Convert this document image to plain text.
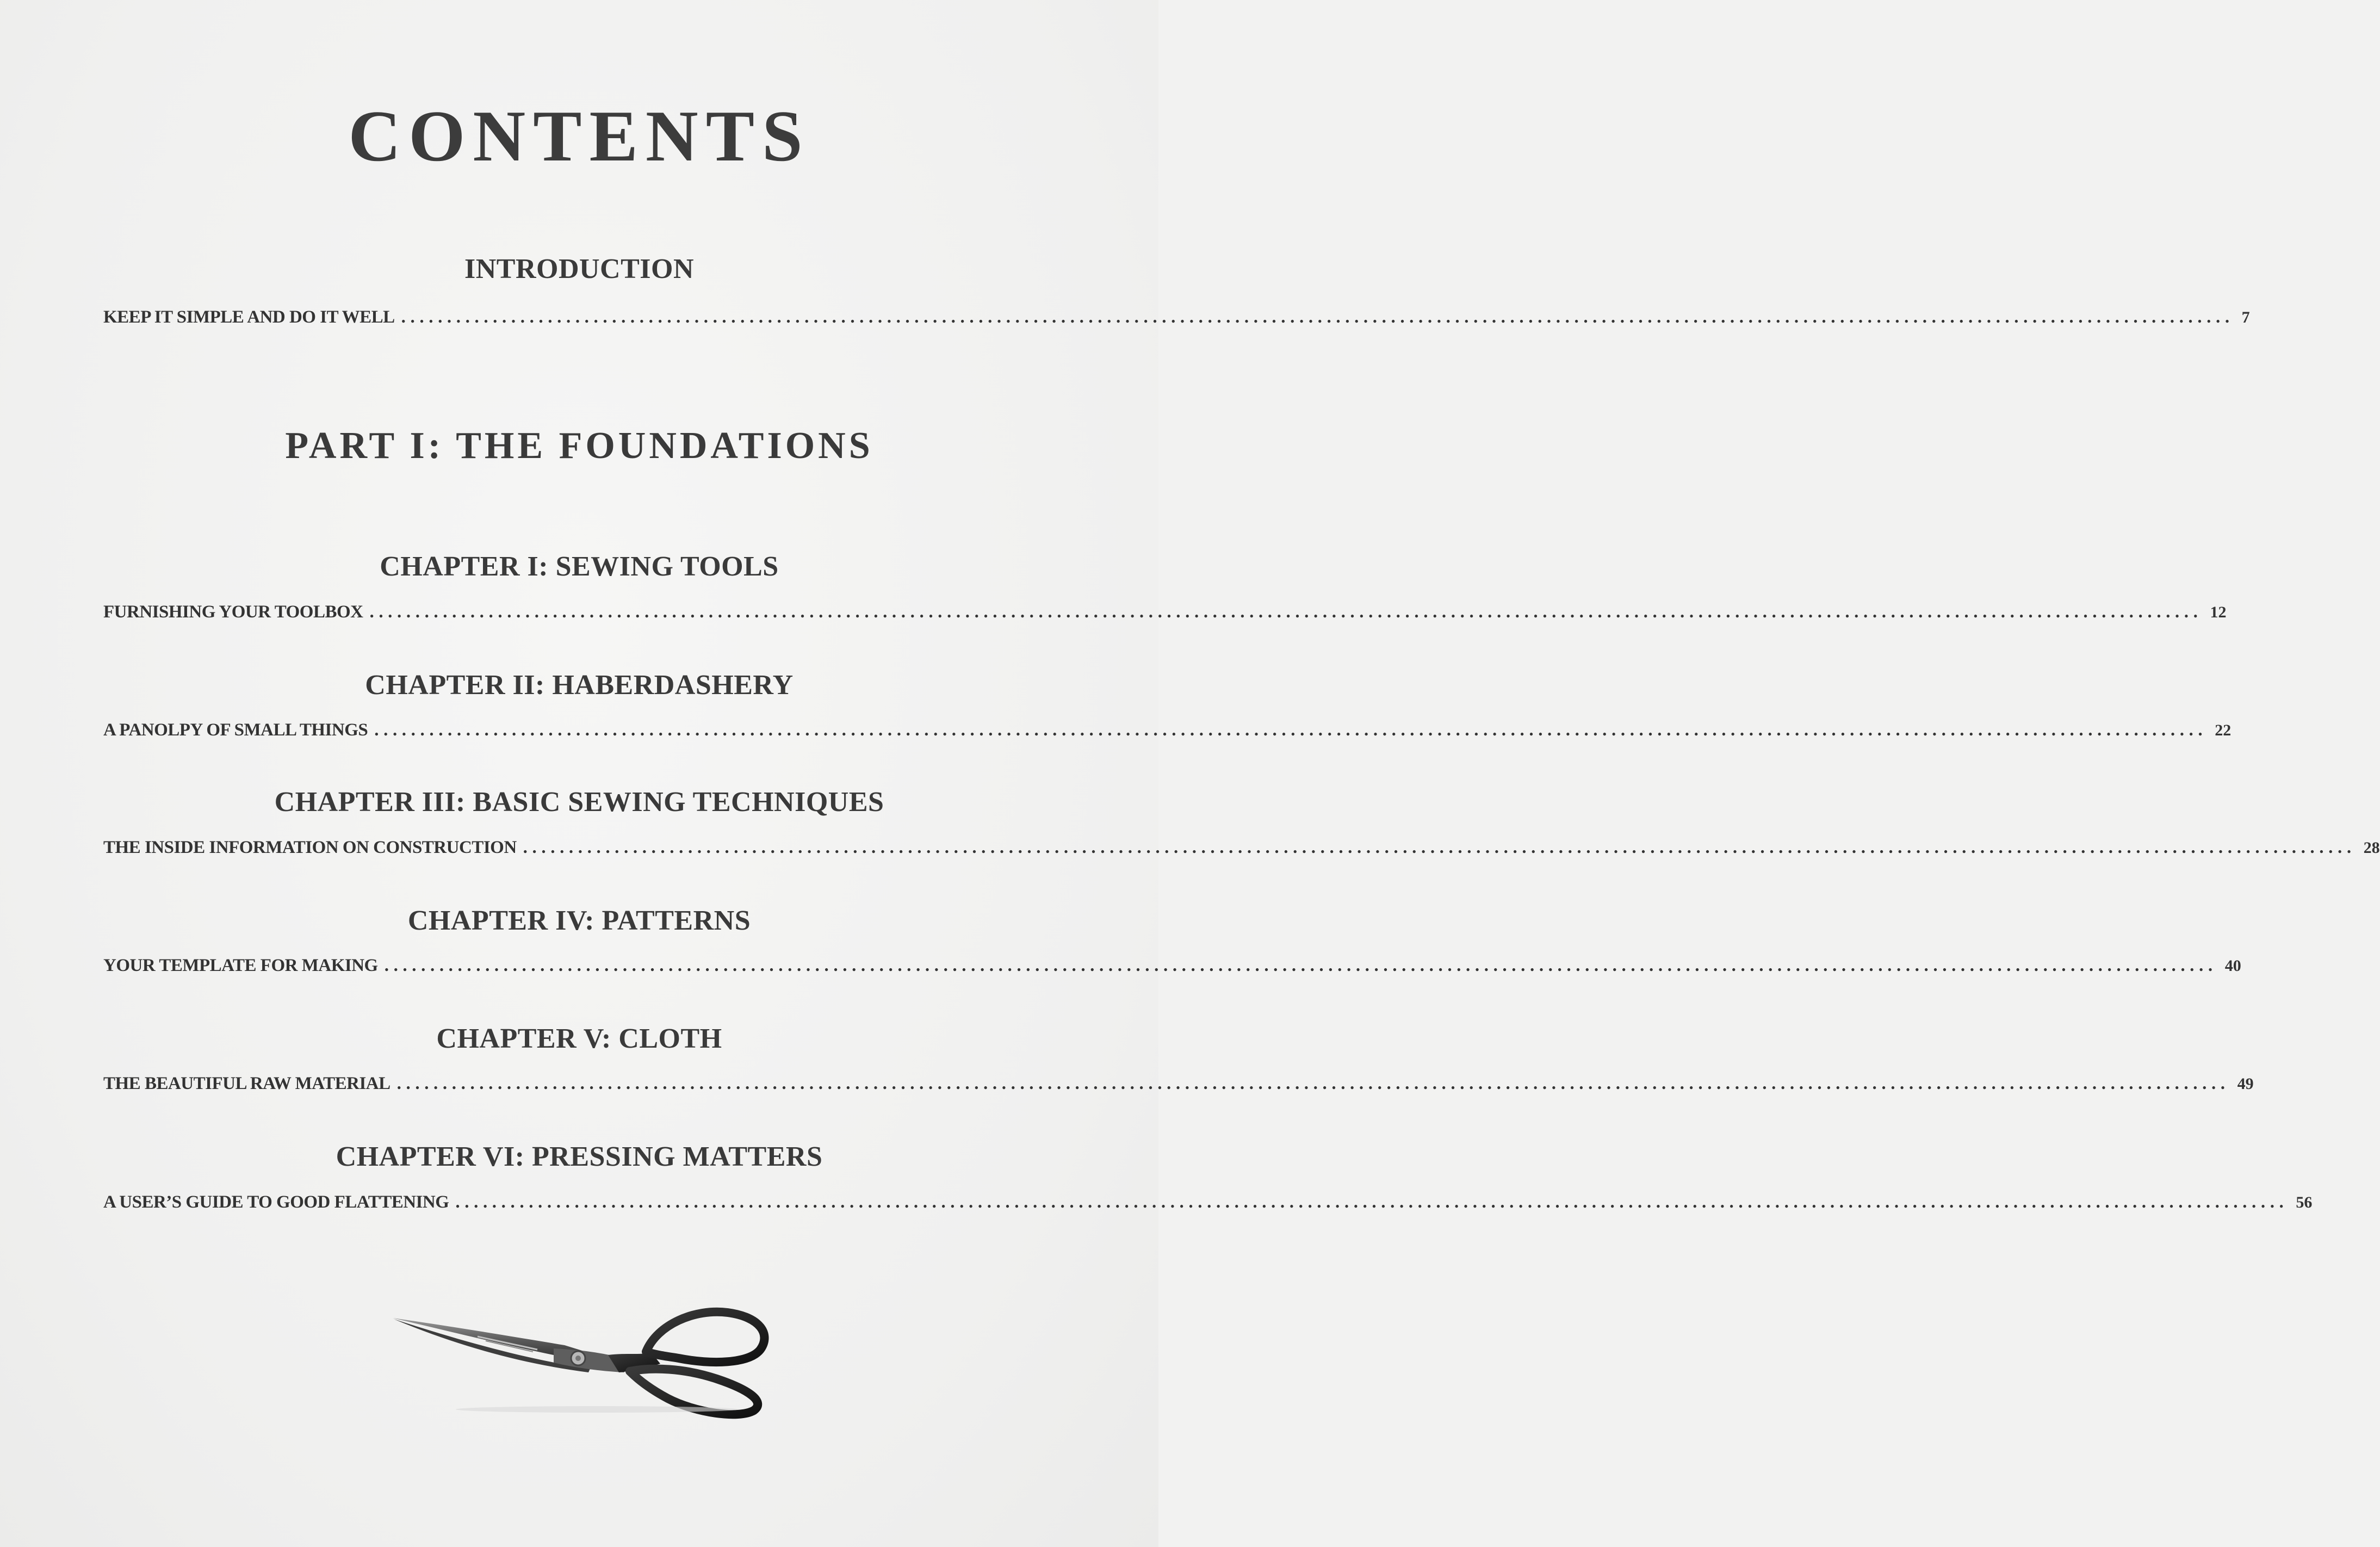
CONTENTS
INTRODUCTION
KEEP IT SIMPLE AND DO IT WELL ........................................................................................................................................................................................................ 7
PART I: THE FOUNDATIONS
CHAPTER I: SEWING TOOLS
FURNISHING YOUR TOOLBOX ........................................................................................................................................................................................................ 12
CHAPTER II: HABERDASHERY
A PANOLPY OF SMALL THINGS ........................................................................................................................................................................................................ 22
CHAPTER III: BASIC SEWING TECHNIQUES
THE INSIDE INFORMATION ON CONSTRUCTION ........................................................................................................................................................................................................ 28
CHAPTER IV: PATTERNS
YOUR TEMPLATE FOR MAKING ........................................................................................................................................................................................................ 40
CHAPTER V: CLOTH
THE BEAUTIFUL RAW MATERIAL ........................................................................................................................................................................................................ 49
CHAPTER VI: PRESSING MATTERS
A USER’S GUIDE TO GOOD FLATTENING ........................................................................................................................................................................................................ 56
